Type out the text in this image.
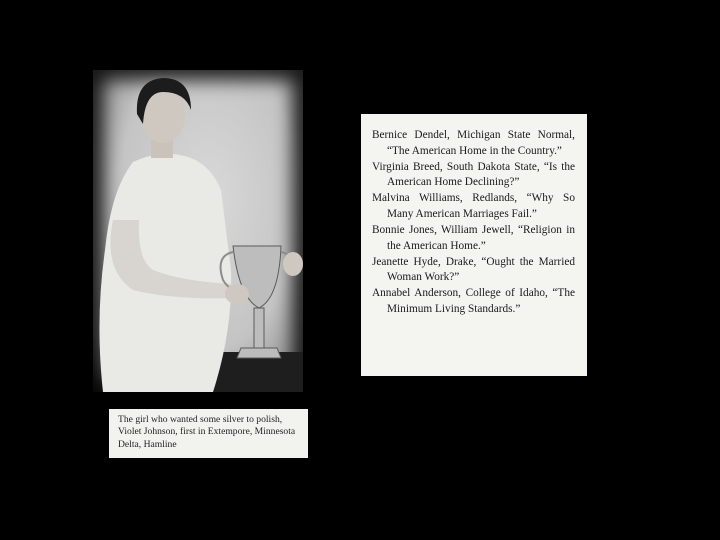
The girl who wanted some silver to polish, Violet Johnson, first in Extempore, Minnesota Delta, Hamline

Bernice Dendel, Michigan State Normal, “The American Home in the Country.”

Virginia Breed, South Dakota State, “Is the American Home Declining?”

Malvina Williams, Redlands, “Why So Many American Marriages Fail.”

Bonnie Jones, William Jewell, “Religion in the American Home.”

Jeanette Hyde, Drake, “Ought the Married Woman Work?”

Annabel Anderson, College of Idaho, “The Minimum Living Standards.”
